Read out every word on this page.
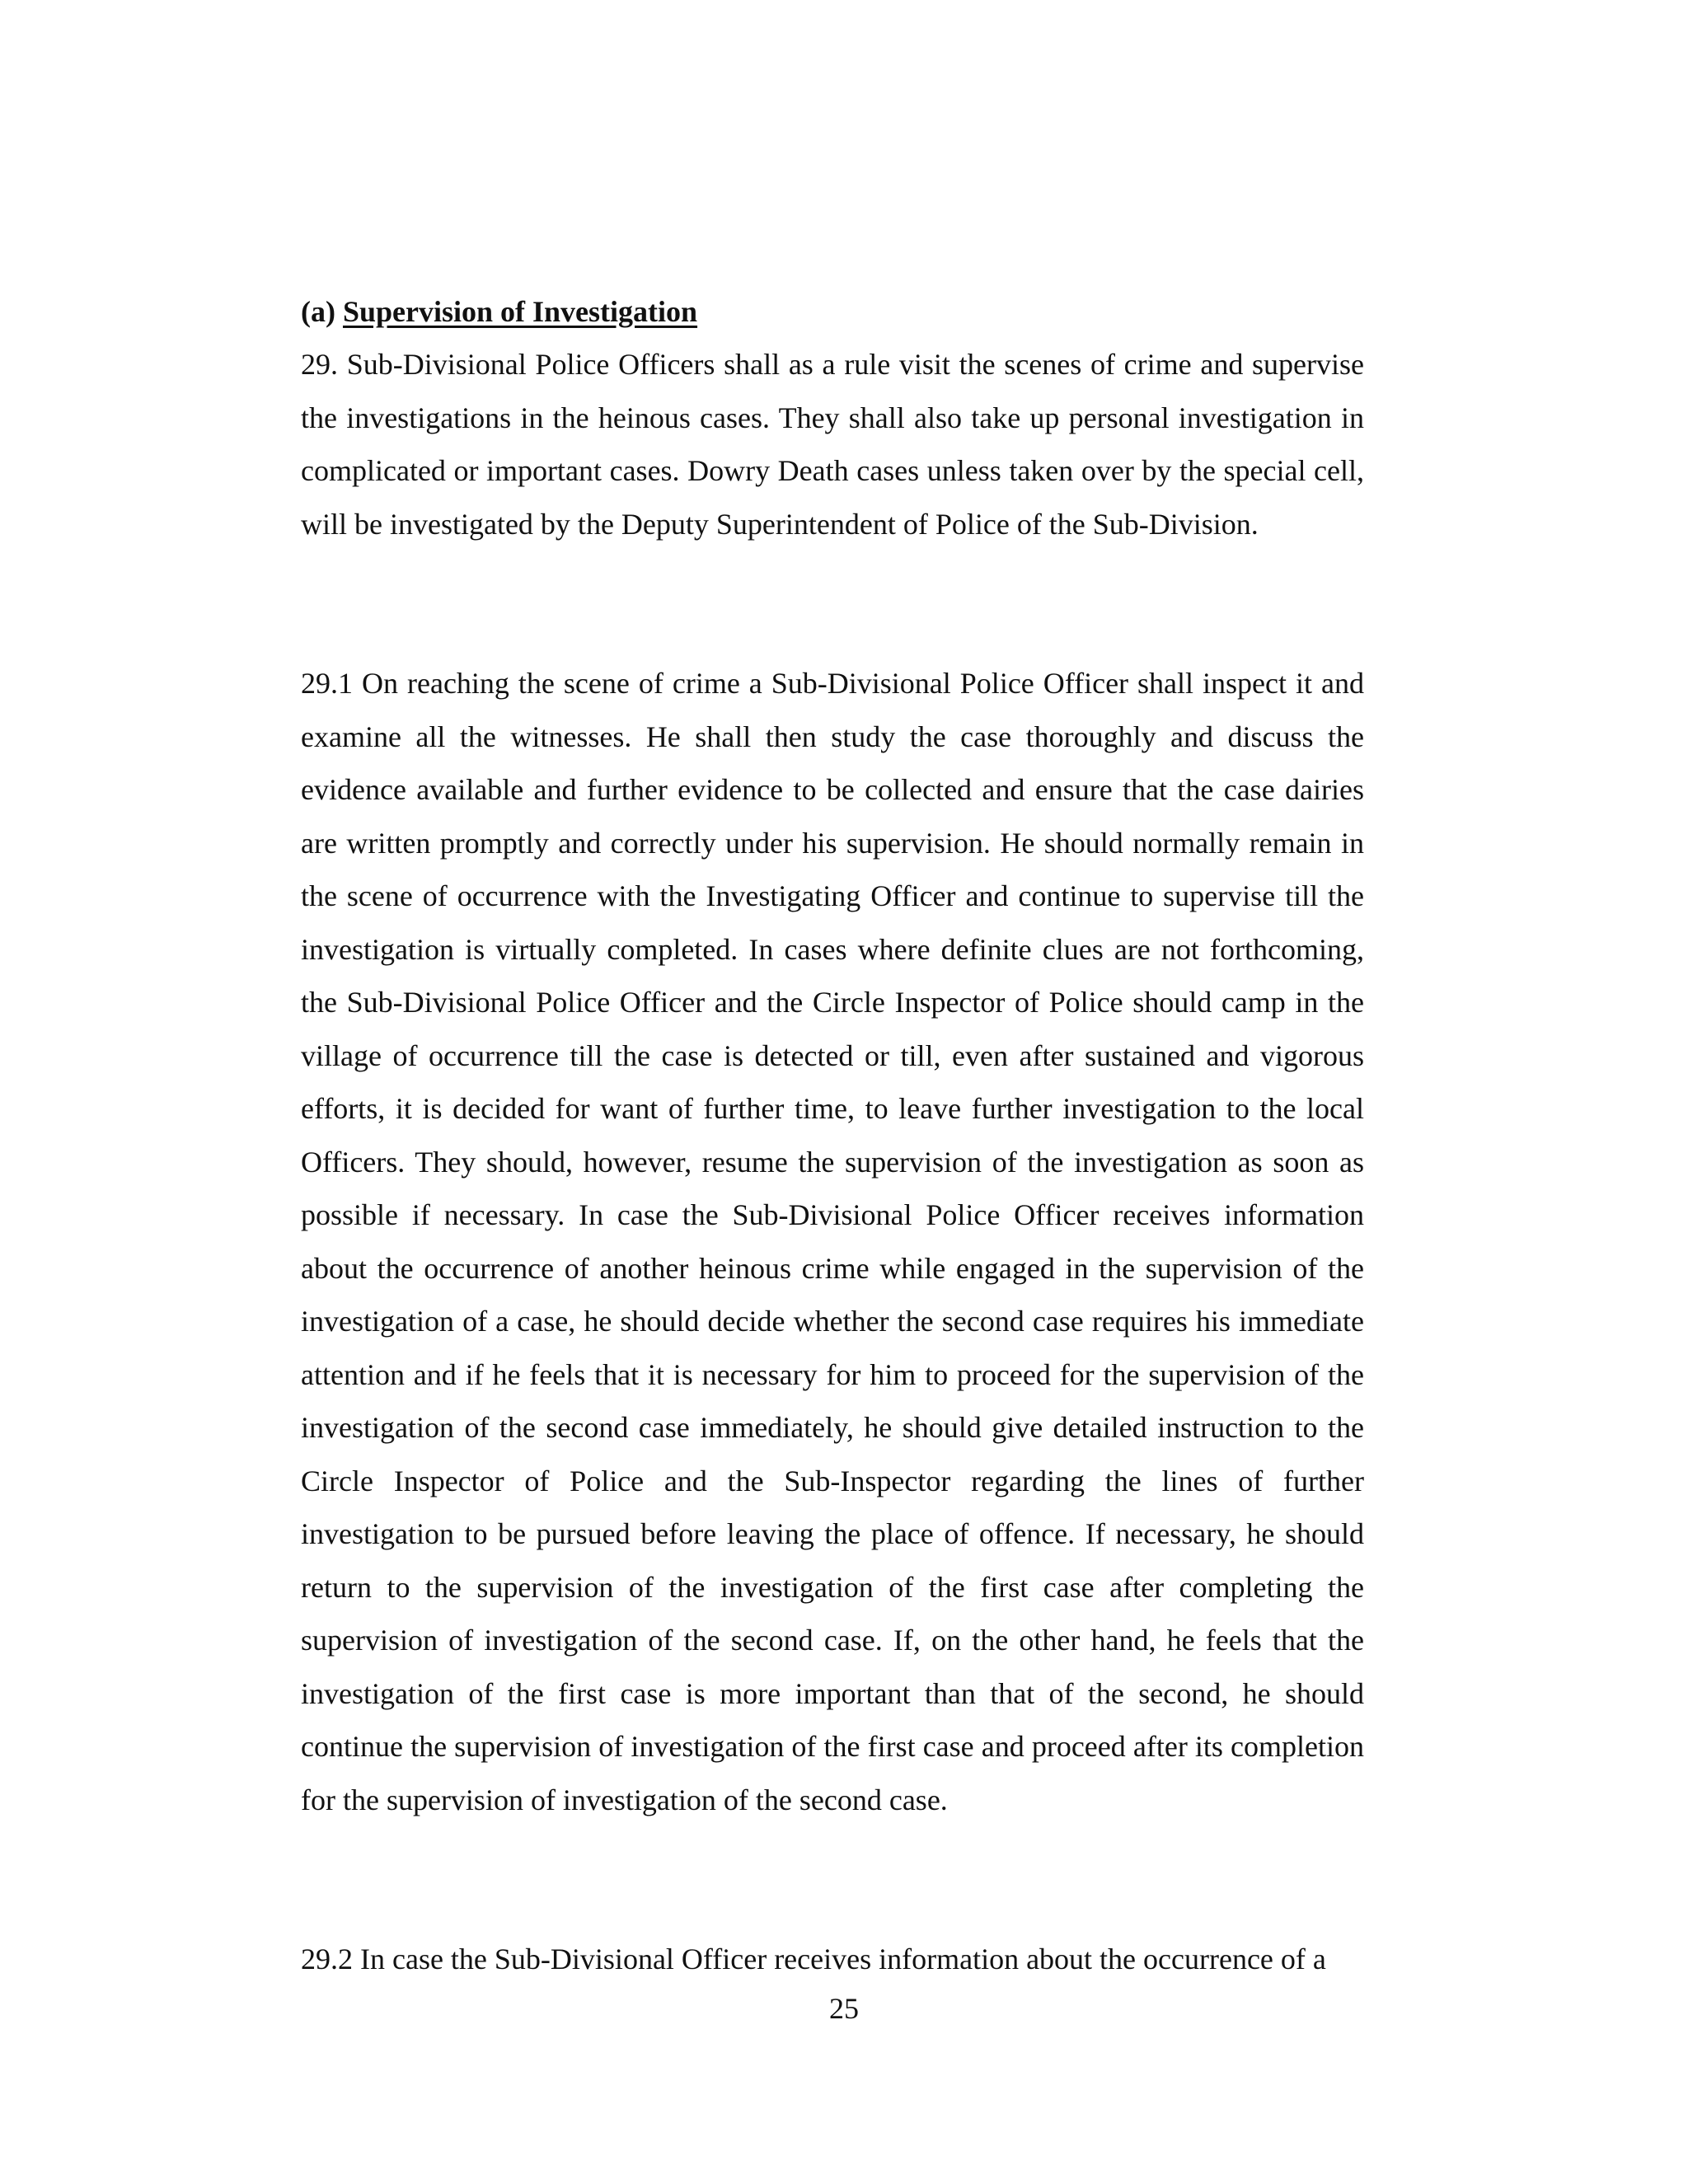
(a) Supervision of Investigation

29. Sub-Divisional Police Officers shall as a rule visit the scenes of crime and supervise the investigations in the heinous cases. They shall also take up personal investigation in complicated or important cases. Dowry Death cases unless taken over by the special cell, will be investigated by the Deputy Superintendent of Police of the Sub-Division.

29.1 On reaching the scene of crime a Sub-Divisional Police Officer shall inspect it and examine all the witnesses. He shall then study the case thoroughly and discuss the evidence available and further evidence to be collected and ensure that the case dairies are written promptly and correctly under his supervision. He should normally remain in the scene of occurrence with the Investigating Officer and continue to supervise till the investigation is virtually completed. In cases where definite clues are not forthcoming, the Sub-Divisional Police Officer and the Circle Inspector of Police should camp in the village of occurrence till the case is detected or till, even after sustained and vigorous efforts, it is decided for want of further time, to leave further investigation to the local Officers. They should, however, resume the supervision of the investigation as soon as possible if necessary. In case the Sub-Divisional Police Officer receives information about the occurrence of another heinous crime while engaged in the supervision of the investigation of a case, he should decide whether the second case requires his immediate attention and if he feels that it is necessary for him to proceed for the supervision of the investigation of the second case immediately, he should give detailed instruction to the Circle Inspector of Police and the Sub-Inspector regarding the lines of further investigation to be pursued before leaving the place of offence. If necessary, he should return to the supervision of the investigation of the first case after completing the supervision of investigation of the second case. If, on the other hand, he feels that the investigation of the first case is more important than that of the second, he should continue the supervision of investigation of the first case and proceed after its completion for the supervision of investigation of the second case.

29.2 In case the Sub-Divisional Officer receives information about the occurrence of a

25
